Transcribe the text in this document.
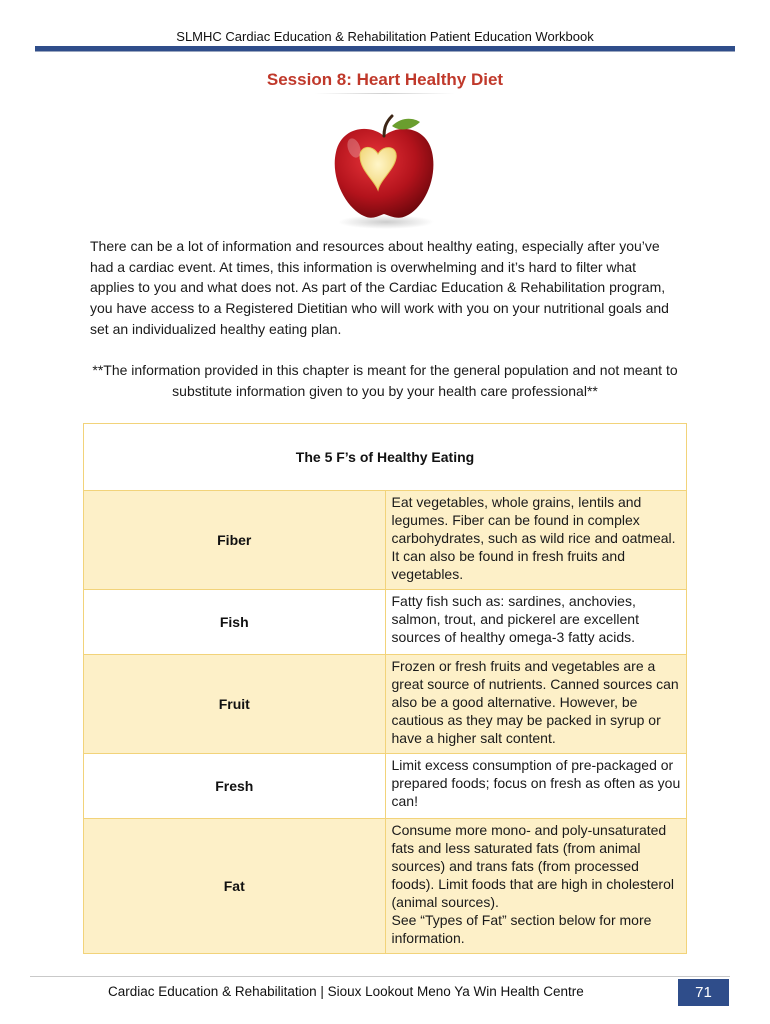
SLMHC Cardiac Education & Rehabilitation Patient Education Workbook
Session 8: Heart Healthy Diet

There can be a lot of information and resources about healthy eating, especially after you’ve had a cardiac event. At times, this information is overwhelming and it’s hard to filter what applies to you and what does not. As part of the Cardiac Education & Rehabilitation program, you have access to a Registered Dietitian who will work with you on your nutritional goals and set an individualized healthy eating plan.

**The information provided in this chapter is meant for the general population and not meant to substitute information given to you by your health care professional**

The 5 F’s of Healthy Eating	
Fiber	Eat vegetables, whole grains, lentils and legumes. Fiber can be found in complex carbohydrates, such as wild rice and oatmeal. It can also be found in fresh fruits and vegetables.

Fish	Fatty fish such as: sardines, anchovies, salmon, trout, and pickerel are excellent sources of healthy omega-3 fatty acids.

Fruit	Frozen or fresh fruits and vegetables are a great source of nutrients. Canned sources can also be a good alternative. However, be cautious as they may be packed in syrup or have a higher salt content.

Fresh	Limit excess consumption of pre-packaged or prepared foods; focus on fresh as often as you can!

Fat	Consume more mono- and poly-unsaturated fats and less saturated fats (from animal sources) and trans fats (from processed foods). Limit foods that are high in cholesterol (animal sources).
See “Types of Fat” section below for more information.
Cardiac Education & Rehabilitation | Sioux Lookout Meno Ya Win Health Centre	71
